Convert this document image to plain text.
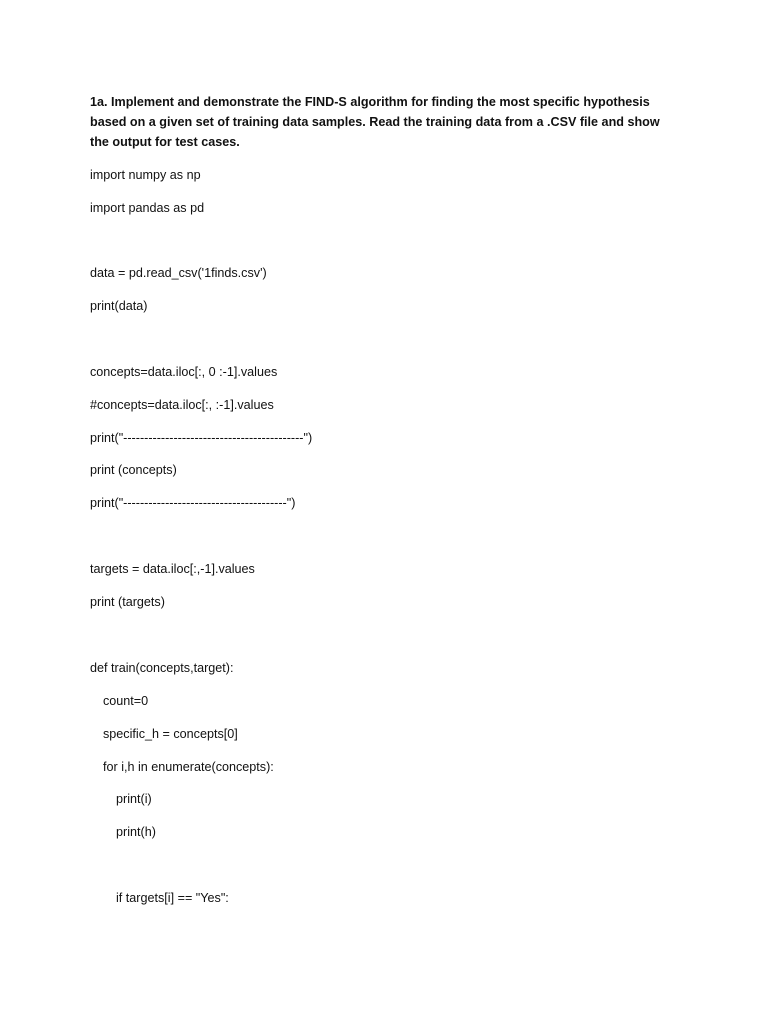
1a. Implement and demonstrate the FIND-S algorithm for finding the most specific hypothesis based on a given set of training data samples. Read the training data from a .CSV file and show the output for test cases.

import numpy as np

import pandas as pd

data = pd.read_csv('1finds.csv')

print(data)

concepts=data.iloc[:, 0 :-1].values

#concepts=data.iloc[:, :-1].values

print("-------------------------------------------")

print (concepts)

print("---------------------------------------")

targets = data.iloc[:,-1].values

print (targets)

def train(concepts,target):

count=0

specific_h = concepts[0]

for i,h in enumerate(concepts):

print(i)

print(h)

if targets[i] == "Yes":
